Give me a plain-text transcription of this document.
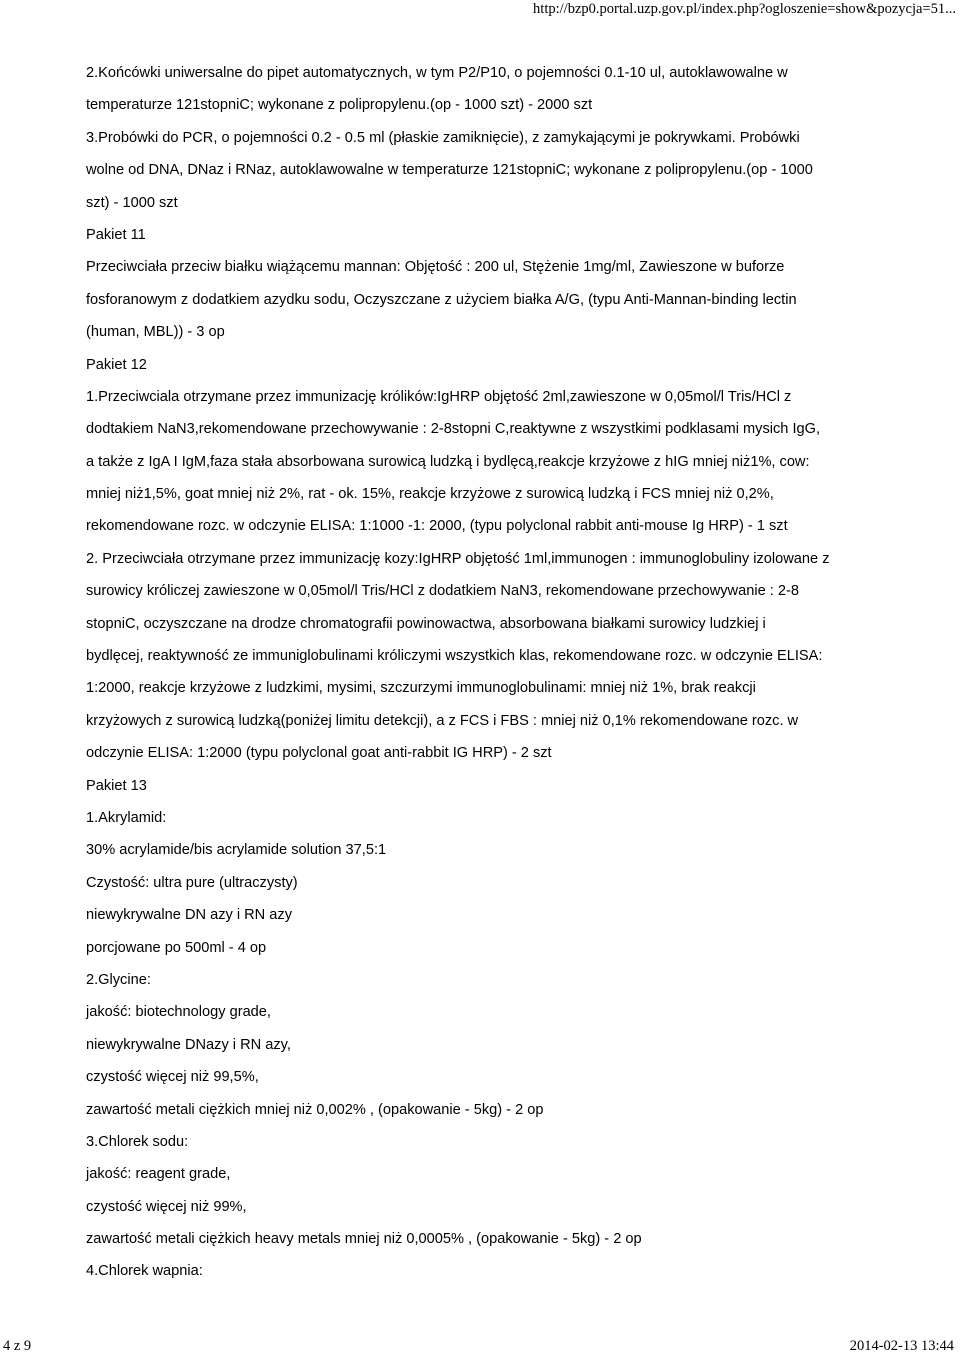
http://bzp0.portal.uzp.gov.pl/index.php?ogloszenie=show&pozycja=51...
2.Końcówki uniwersalne do pipet automatycznych, w tym P2/P10, o pojemności 0.1-10 ul, autoklawowalne w
temperaturze 121stopniC; wykonane z polipropylenu.(op - 1000 szt) - 2000 szt
3.Probówki do PCR, o pojemności 0.2 - 0.5 ml (płaskie zamiknięcie), z zamykającymi je pokrywkami. Probówki
wolne od DNA, DNaz i RNaz, autoklawowalne w temperaturze 121stopniC; wykonane z polipropylenu.(op - 1000
szt) - 1000 szt
Pakiet 11
Przeciwciała przeciw białku wiążącemu mannan: Objętość : 200 ul, Stężenie 1mg/ml, Zawieszone w buforze
fosforanowym z dodatkiem azydku sodu, Oczyszczane z użyciem białka A/G, (typu Anti-Mannan-binding lectin
(human, MBL)) - 3 op
Pakiet 12
1.Przeciwciala otrzymane przez immunizację królików:IgHRP objętość 2ml,zawieszone w 0,05mol/l Tris/HCl z
dodtakiem NaN3,rekomendowane przechowywanie : 2-8stopni C,reaktywne z wszystkimi podklasami mysich IgG,
a także z IgA I IgM,faza stała absorbowana surowicą ludzką i bydlęcą,reakcje krzyżowe z hIG mniej niż1%, cow:
mniej niż1,5%, goat mniej niż 2%, rat - ok. 15%, reakcje krzyżowe z surowicą ludzką i FCS mniej niż 0,2%,
rekomendowane rozc. w odczynie ELISA: 1:1000 -1: 2000, (typu polyclonal rabbit anti-mouse Ig HRP) - 1 szt
2. Przeciwciała otrzymane przez immunizację kozy:IgHRP objętość 1ml,immunogen : immunoglobuliny izolowane z
surowicy króliczej zawieszone w 0,05mol/l Tris/HCl z dodatkiem NaN3, rekomendowane przechowywanie : 2-8
stopniC, oczyszczane na drodze chromatografii powinowactwa, absorbowana białkami surowicy ludzkiej i
bydlęcej, reaktywność ze immuniglobulinami króliczymi wszystkich klas, rekomendowane rozc. w odczynie ELISA:
1:2000, reakcje krzyżowe z ludzkimi, mysimi, szczurzymi immunoglobulinami: mniej niż 1%, brak reakcji
krzyżowych z surowicą ludzką(poniżej limitu detekcji), a z FCS i FBS : mniej niż 0,1% rekomendowane rozc. w
odczynie ELISA: 1:2000 (typu polyclonal goat anti-rabbit IG HRP) - 2 szt
Pakiet 13
1.Akrylamid:
30% acrylamide/bis acrylamide solution 37,5:1
Czystość: ultra pure (ultraczysty)
niewykrywalne DN azy i RN azy
porcjowane po 500ml - 4 op
2.Glycine:
jakość: biotechnology grade,
niewykrywalne DNazy i RN azy,
czystość więcej niż 99,5%,
zawartość metali ciężkich mniej niż 0,002% , (opakowanie - 5kg) - 2 op
3.Chlorek sodu:
jakość: reagent grade,
czystość więcej niż 99%,
zawartość metali ciężkich heavy metals mniej niż 0,0005% , (opakowanie - 5kg) - 2 op
4.Chlorek wapnia:
4 z 9	2014-02-13 13:44
